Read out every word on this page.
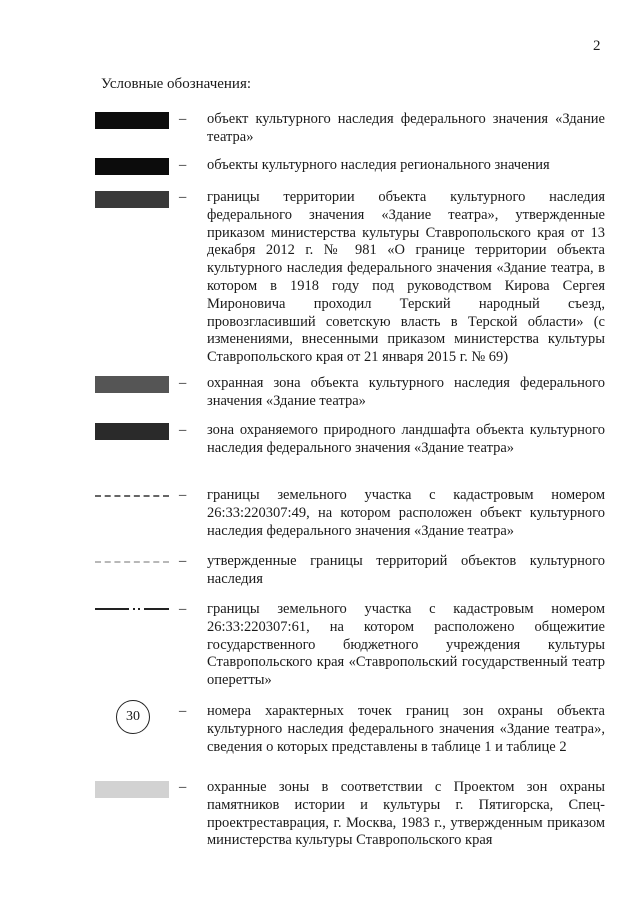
2
Условные обозначения:
– объект культурного наследия федерального значения «Здание театра»
– объекты культурного наследия регионального значения
– границы территории объекта культурного наследия федерального значения «Здание театра», утвержденные приказом министерства культуры Ставропольского края от 13 декабря 2012 г. № 981 «О границе территории объекта культурного наследия федерального значения «Здание театра, в котором в 1918 году под руководством Кирова Сергея Мироновича проходил Терский народный съезд, провозгласивший советскую власть в Терской области» (с изменениями, внесенными приказом министерства культуры Ставропольского края от 21 января 2015 г. № 69)
– охранная зона объекта культурного наследия федерального значения «Здание театра»
– зона охраняемого природного ландшафта объекта культурного наследия федерального значения «Здание театра»
– границы земельного участка с кадастровым номером 26:33:220307:49, на котором расположен объект культурного наследия федерального значения «Здание театра»
– утвержденные границы территорий объектов культурного наследия
– границы земельного участка с кадастровым номером 26:33:220307:61, на котором расположено общежитие государственного бюджетного учреждения культуры Ставропольского края «Ставропольский государственный театр оперетты»
30	– номера характерных точек границ зон охраны объекта культурного наследия федерального значения «Здание театра», сведения о которых представлены в таблице 1 и таблице 2
– охранные зоны в соответствии с Проектом зон охраны памятников истории и культуры г. Пятигорска, Спец-проектреставрация, г. Москва, 1983 г., утвержденным приказом министерства культуры Ставропольского края
